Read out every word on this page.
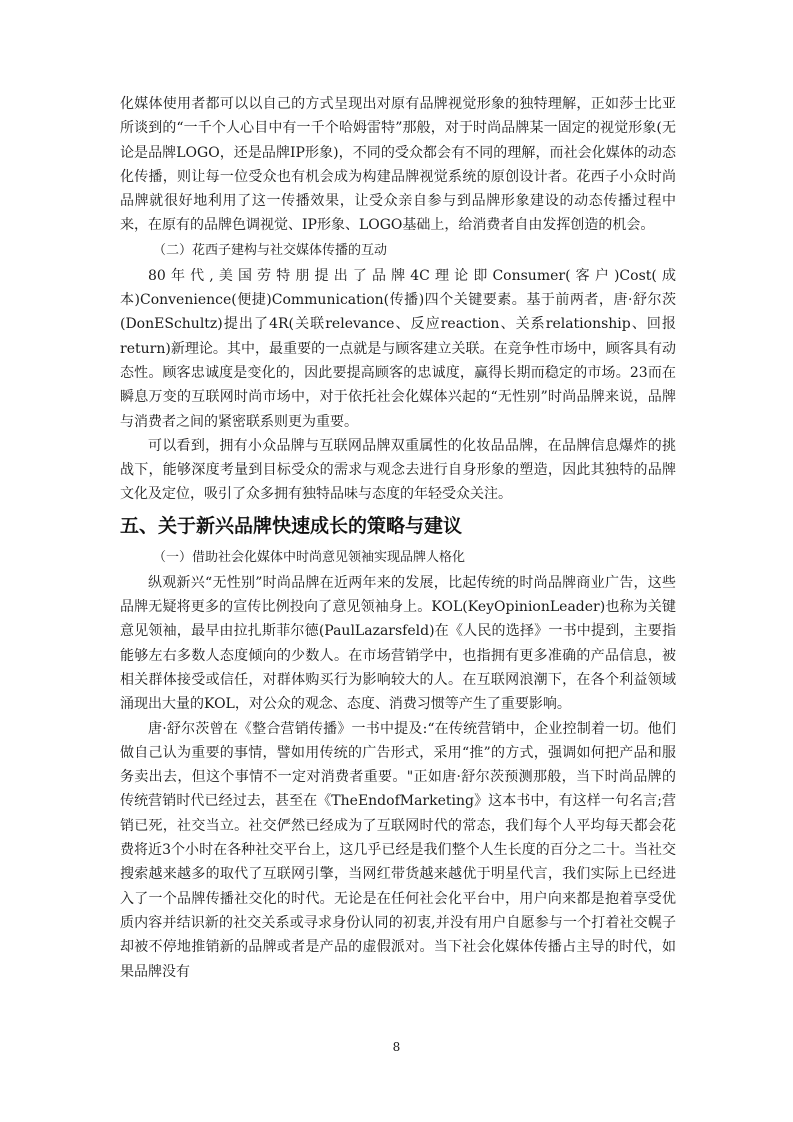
化媒体使用者都可以以自己的方式呈现出对原有品牌视觉形象的独特理解，正如莎士比亚所谈到的“一千个人心目中有一千个哈姆雷特”那般，对于时尚品牌某一固定的视觉形象(无论是品牌LOGO，还是品牌IP形象)，不同的受众都会有不同的理解，而社会化媒体的动态化传播，则让每一位受众也有机会成为构建品牌视觉系统的原创设计者。花西子小众时尚品牌就很好地利用了这一传播效果，让受众亲自参与到品牌形象建设的动态传播过程中来，在原有的品牌色调视觉、IP形象、LOGO基础上，给消费者自由发挥创造的机会。

（二）花西子建构与社交媒体传播的互动

80年代,美国劳特朋提出了品牌4C理论即Consumer(客户)Cost(成本)Convenience(便捷)Communication(传播)四个关键要素。基于前两者，唐·舒尔茨(DonESchultz)提出了4R(关联relevance、反应reaction、关系relationship、回报return)新理论。其中，最重要的一点就是与顾客建立关联。在竞争性市场中，顾客具有动态性。顾客忠诚度是变化的，因此要提高顾客的忠诚度，赢得长期而稳定的市场。23而在瞬息万变的互联网时尚市场中，对于依托社会化媒体兴起的“无性别”时尚品牌来说，品牌与消费者之间的紧密联系则更为重要。

可以看到，拥有小众品牌与互联网品牌双重属性的化妆品品牌，在品牌信息爆炸的挑战下，能够深度考量到目标受众的需求与观念去进行自身形象的塑造，因此其独特的品牌文化及定位，吸引了众多拥有独特品味与态度的年轻受众关注。

五、关于新兴品牌快速成长的策略与建议

（一）借助社会化媒体中时尚意见领袖实现品牌人格化

纵观新兴“无性别”时尚品牌在近两年来的发展，比起传统的时尚品牌商业广告，这些品牌无疑将更多的宣传比例投向了意见领袖身上。KOL(KeyOpinionLeader)也称为关键意见领袖，最早由拉扎斯菲尔德(PaulLazarsfeld)在《人民的选择》一书中提到，主要指能够左右多数人态度倾向的少数人。在市场营销学中，也指拥有更多准确的产品信息，被相关群体接受或信任，对群体购买行为影响较大的人。在互联网浪潮下，在各个利益领域涌现出大量的KOL，对公众的观念、态度、消费习惯等产生了重要影响。

唐·舒尔茨曾在《整合营销传播》一书中提及:“在传统营销中，企业控制着一切。他们做自己认为重要的事情，譬如用传统的广告形式，采用“推”的方式，强调如何把产品和服务卖出去，但这个事情不一定对消费者重要。"正如唐·舒尔茨预测那般，当下时尚品牌的传统营销时代已经过去，甚至在《TheEndofMarketing》这本书中，有这样一句名言;营销已死，社交当立。社交俨然已经成为了互联网时代的常态，我们每个人平均每天都会花费将近3个小时在各种社交平台上，这几乎已经是我们整个人生长度的百分之二十。当社交搜索越来越多的取代了互联网引擎，当网红带货越来越优于明星代言，我们实际上已经进入了一个品牌传播社交化的时代。无论是在任何社会化平台中，用户向来都是抱着享受优质内容并结识新的社交关系或寻求身份认同的初衷,并没有用户自愿参与一个打着社交幌子却被不停地推销新的品牌或者是产品的虚假派对。当下社会化媒体传播占主导的时代，如果品牌没有

8
